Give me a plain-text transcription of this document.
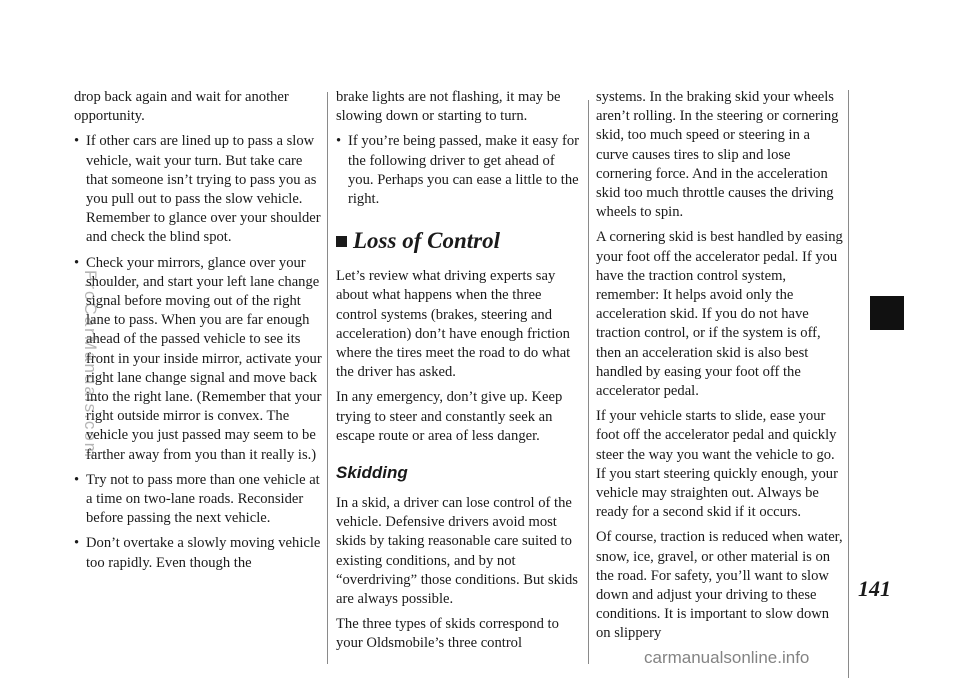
drop back again and wait for another opportunity.

• If other cars are lined up to pass a slow vehicle, wait your turn. But take care that someone isn’t trying to pass you as you pull out to pass the slow vehicle. Remember to glance over your shoulder and check the blind spot.

• Check your mirrors, glance over your shoulder, and start your left lane change signal before moving out of the right lane to pass. When you are far enough ahead of the passed vehicle to see its front in your inside mirror, activate your right lane change signal and move back into the right lane. (Remember that your right outside mirror is convex. The vehicle you just passed may seem to be farther away from you than it really is.)

• Try not to pass more than one vehicle at a time on two-lane roads. Reconsider before passing the next vehicle.

• Don’t overtake a slowly moving vehicle too rapidly. Even though the

brake lights are not flashing, it may be slowing down or starting to turn.

• If you’re being passed, make it easy for the following driver to get ahead of you. Perhaps you can ease a little to the right.

Loss of Control

Let’s review what driving experts say about what happens when the three control systems (brakes, steering and acceleration) don’t have enough friction where the tires meet the road to do what the driver has asked.

In any emergency, don’t give up. Keep trying to steer and constantly seek an escape route or area of less danger.

Skidding

In a skid, a driver can lose control of the vehicle. Defensive drivers avoid most skids by taking reasonable care suited to existing conditions, and by not “overdriving” those conditions. But skids are always possible.

The three types of skids correspond to your Oldsmobile’s three control

systems. In the braking skid your wheels aren’t rolling. In the steering or cornering skid, too much speed or steering in a curve causes tires to slip and lose cornering force. And in the acceleration skid too much throttle causes the driving wheels to spin.

A cornering skid is best handled by easing your foot off the accelerator pedal. If you have the traction control system, remember: It helps avoid only the acceleration skid. If you do not have traction control, or if the system is off, then an acceleration skid is also best handled by easing your foot off the accelerator pedal.

If your vehicle starts to slide, ease your foot off the accelerator pedal and quickly steer the way you want the vehicle to go. If you start steering quickly enough, your vehicle may straighten out. Always be ready for a second skid if it occurs.

Of course, traction is reduced when water, snow, ice, gravel, or other material is on the road. For safety, you’ll want to slow down and adjust your driving to these conditions. It is important to slow down on slippery

141
ProCarManuals.com
carmanualsonline.info
